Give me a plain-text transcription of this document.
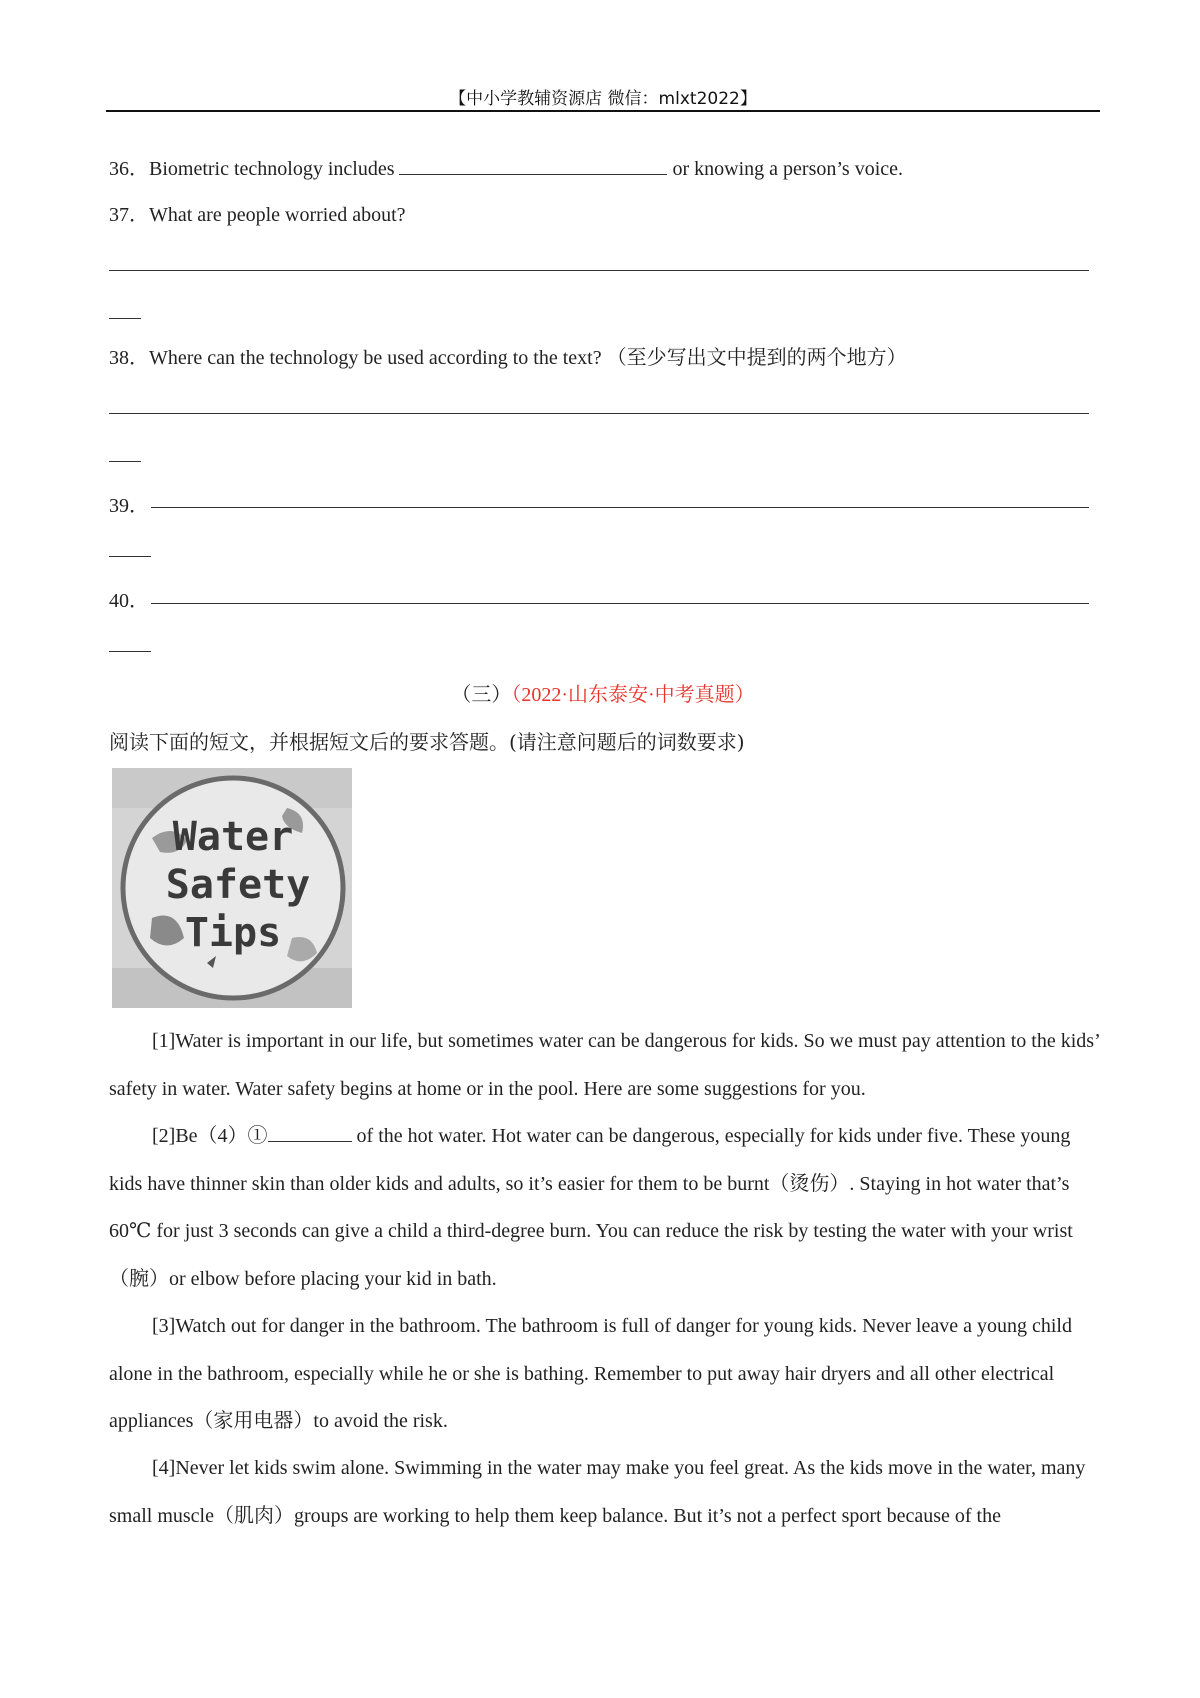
【中小学教辅资源店 微信：mlxt2022】
36．Biometric technology includes	or knowing a person’s voice.
37．What are people worried about?
38．Where can the technology be used according to the text? （至少写出文中提到的两个地方）
39．
40．
（三）（2022·山东泰安·中考真题）
阅读下面的短文，并根据短文后的要求答题。(请注意问题后的词数要求)
Water
Safety
Tips
[1]Water is important in our life, but sometimes water can be dangerous for kids. So we must pay attention to the kids’ safety in water. Water safety begins at home or in the pool. Here are some suggestions for you.
[2]Be（4）①	of the hot water. Hot water can be dangerous, especially for kids under five. These young kids have thinner skin than older kids and adults, so it’s easier for them to be burnt（烫伤）. Staying in hot water that’s 60℃ for just 3 seconds can give a child a third-degree burn. You can reduce the risk by testing the water with your wrist（腕）or elbow before placing your kid in bath.
[3]Watch out for danger in the bathroom. The bathroom is full of danger for young kids. Never leave a young child alone in the bathroom, especially while he or she is bathing. Remember to put away hair dryers and all other electrical appliances（家用电器）to avoid the risk.
[4]Never let kids swim alone. Swimming in the water may make you feel great. As the kids move in the water, many small muscle（肌肉）groups are working to help them keep balance. But it’s not a perfect sport because of the
